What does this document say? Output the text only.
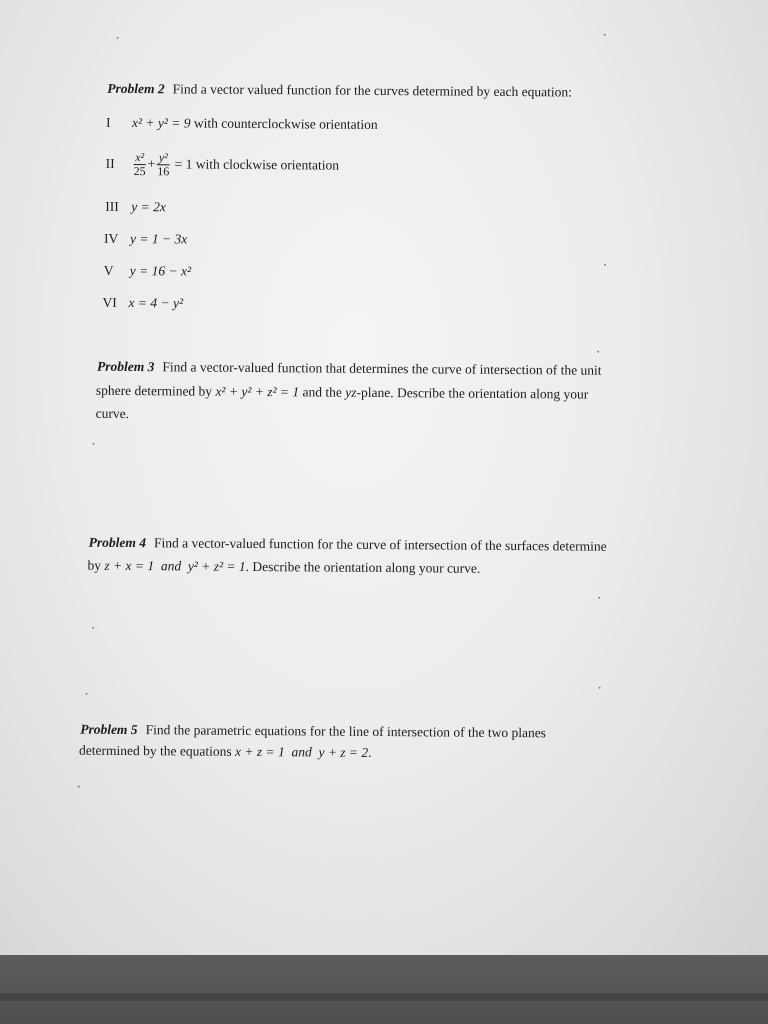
Problem 2 Find a vector valued function for the curves determined by each equation:
I x² + y² = 9 with counterclockwise orientation
II $\frac{\text{x²}}{25} + \frac{\text{y²}}{16} = 1$ with clockwise orientation
III y = 2x
IV y = 1 − 3x
V y = 16 − x²
VI x = 4 − y²
Problem 3 Find a vector-valued function that determines the curve of intersection of the unit
sphere determined by x² + y² + z² = 1 and the yz-plane. Describe the orientation along your
curve.
Problem 4 Find a vector-valued function for the curve of intersection of the surfaces determine
by z + x = 1  and  y² + z² = 1. Describe the orientation along your curve.
Problem 5 Find the parametric equations for the line of intersection of the two planes
determined by the equations x + z = 1  and  y + z = 2.
